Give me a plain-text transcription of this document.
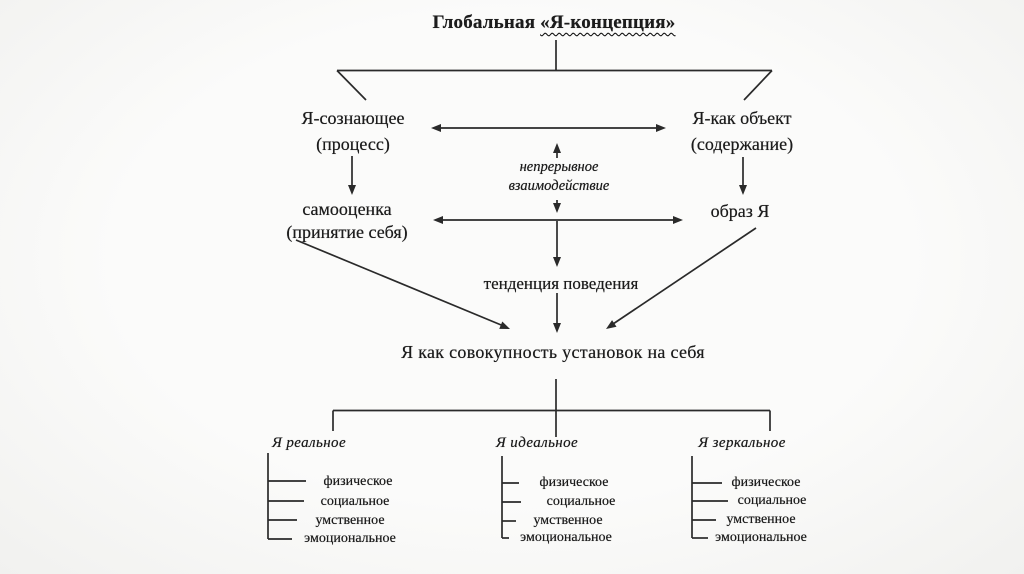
Глобальная «Я-концепция»
Я-сознающее
(процесс)
Я-как объект
(содержание)
непрерывное
взаимодействие
самооценка
(принятие себя)
образ Я
тенденция поведения
Я как совокупность установок на себя
Я реальное	Я идеальное	Я зеркальное
физическое
социальное
умственное
эмоциональное
физическое
социальное
умственное
эмоциональное
физическое
социальное
умственное
эмоциональное
